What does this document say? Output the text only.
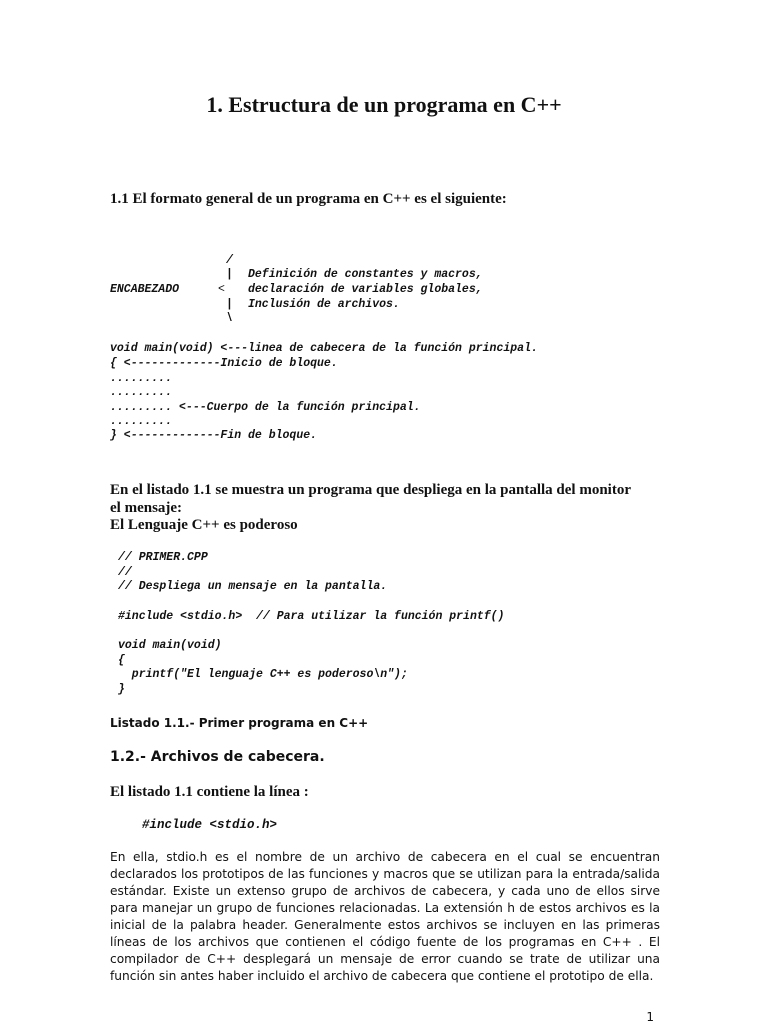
1. Estructura de un programa en C++
1.1 El formato general de un programa en C++ es el siguiente:
/
| Definición de constantes y macros,
ENCABEZADO	< declaración de variables globales,
| Inclusión de archivos.
\
void main(void) <---linea de cabecera de la función principal.
{ <-------------Inicio de bloque.
.........
.........
......... <---Cuerpo de la función principal.
.........
} <-------------Fin de bloque.
En el listado 1.1 se muestra un programa que despliega en la pantalla del monitor
el mensaje:
El Lenguaje C++ es poderoso
// PRIMER.CPP
//
// Despliega un mensaje en la pantalla.
#include <stdio.h>  // Para utilizar la función printf()
void main(void)
{
printf("El lenguaje C++ es poderoso\n");
}
Listado 1.1.- Primer programa en C++
1.2.- Archivos de cabecera.
El listado 1.1 contiene la línea :
#include <stdio.h>
En ella, stdio.h es el nombre de un archivo de cabecera en el cual se encuentran declarados los prototipos de las funciones y macros que se utilizan para la entrada/salida estándar. Existe un extenso grupo de archivos de cabecera, y cada uno de ellos sirve para manejar un grupo de funciones relacionadas. La extensión h de estos archivos es la inicial de la palabra header. Generalmente estos archivos se incluyen en las primeras líneas de los archivos que contienen el código fuente de los programas en C++ . El compilador de C++ desplegará un mensaje de error cuando se trate de utilizar una función sin antes haber incluido el archivo de cabecera que contiene el prototipo de ella.
1
